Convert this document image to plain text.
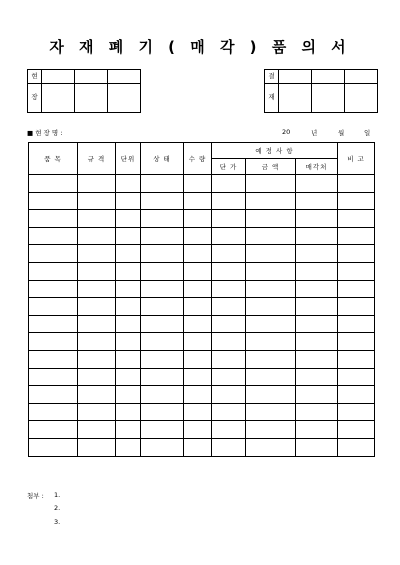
자 재 폐 기 ( 매 각 ) 품 의 서
현			
장			
결			
재			
■ 현 장 명 :	20	년	월	일
품 목	규 격	단위	상 태	수 량	예 정 사 항			비 고
					단 가	금 액	매각처	

첨부 : 1.
2.
3.
